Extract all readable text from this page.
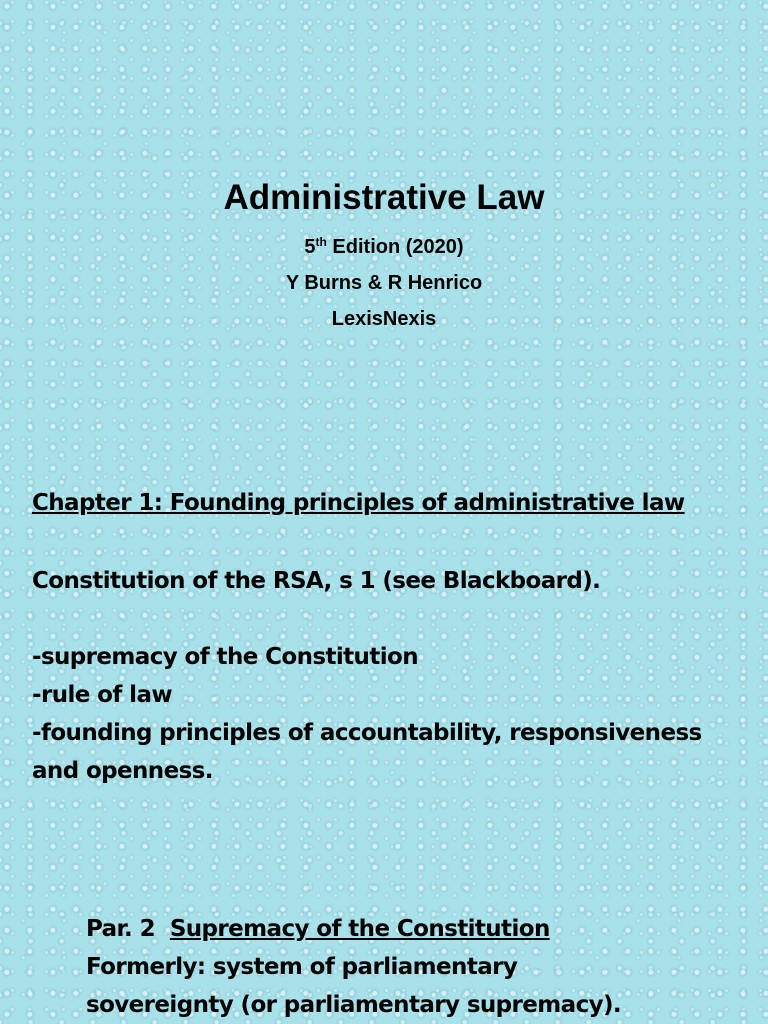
Administrative Law
5th Edition (2020)
Y Burns & R Henrico
LexisNexis
Chapter 1: Founding principles of administrative law
Constitution of the RSA, s 1 (see Blackboard).
-supremacy of the Constitution
-rule of law
-founding principles of accountability, responsiveness and openness.
Par. 2 Supremacy of the Constitution
Formerly: system of parliamentary
sovereignty (or parliamentary supremacy).
